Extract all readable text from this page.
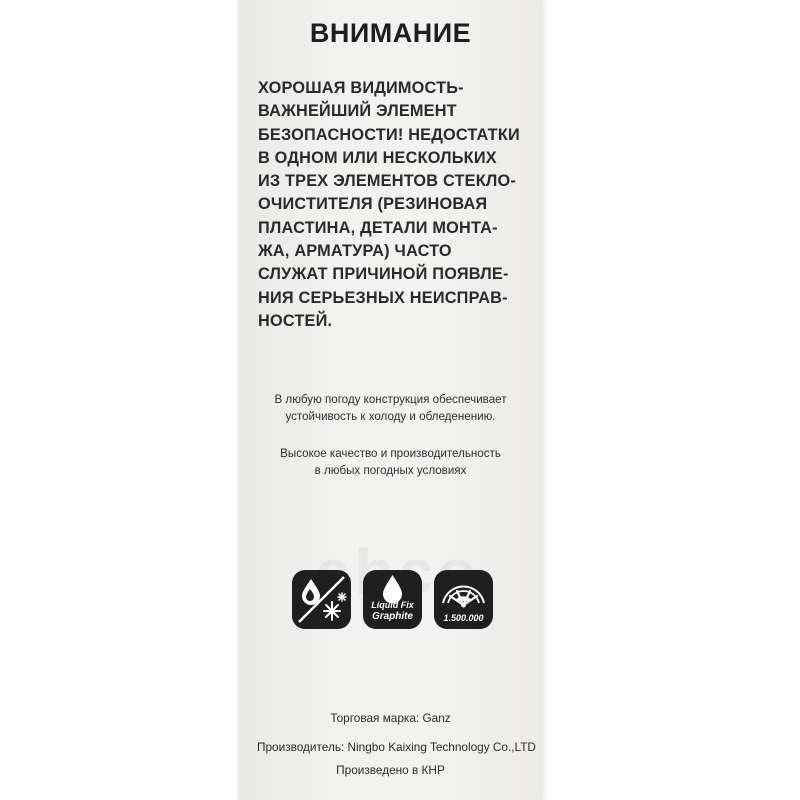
ВНИМАНИЕ
ХОРОШАЯ ВИДИМОСТЬ-
ВАЖНЕЙШИЙ ЭЛЕМЕНТ
БЕЗОПАСНОСТИ! НЕДОСТАТКИ
В ОДНОМ ИЛИ НЕСКОЛЬКИХ
ИЗ ТРЕХ ЭЛЕМЕНТОВ СТЕКЛО-
ОЧИСТИТЕЛЯ (РЕЗИНОВАЯ
ПЛАСТИНА, ДЕТАЛИ МОНТА-
ЖА, АРМАТУРА) ЧАСТО
СЛУЖАТ ПРИЧИНОЙ ПОЯВЛЕ-
НИЯ СЕРЬЕЗНЫХ НЕИСПРАВ-
НОСТЕЙ.
В любую погоду конструкция обеспечивает
устойчивость к холоду и обледенению.
Высокое качество и производительность
в любых погодных условиях
Liquid Fix
Graphite	1.500.000
Торговая марка: Ganz
Производитель: Ningbo Kaixing Technology Co.,LTD
Произведено в КНР
